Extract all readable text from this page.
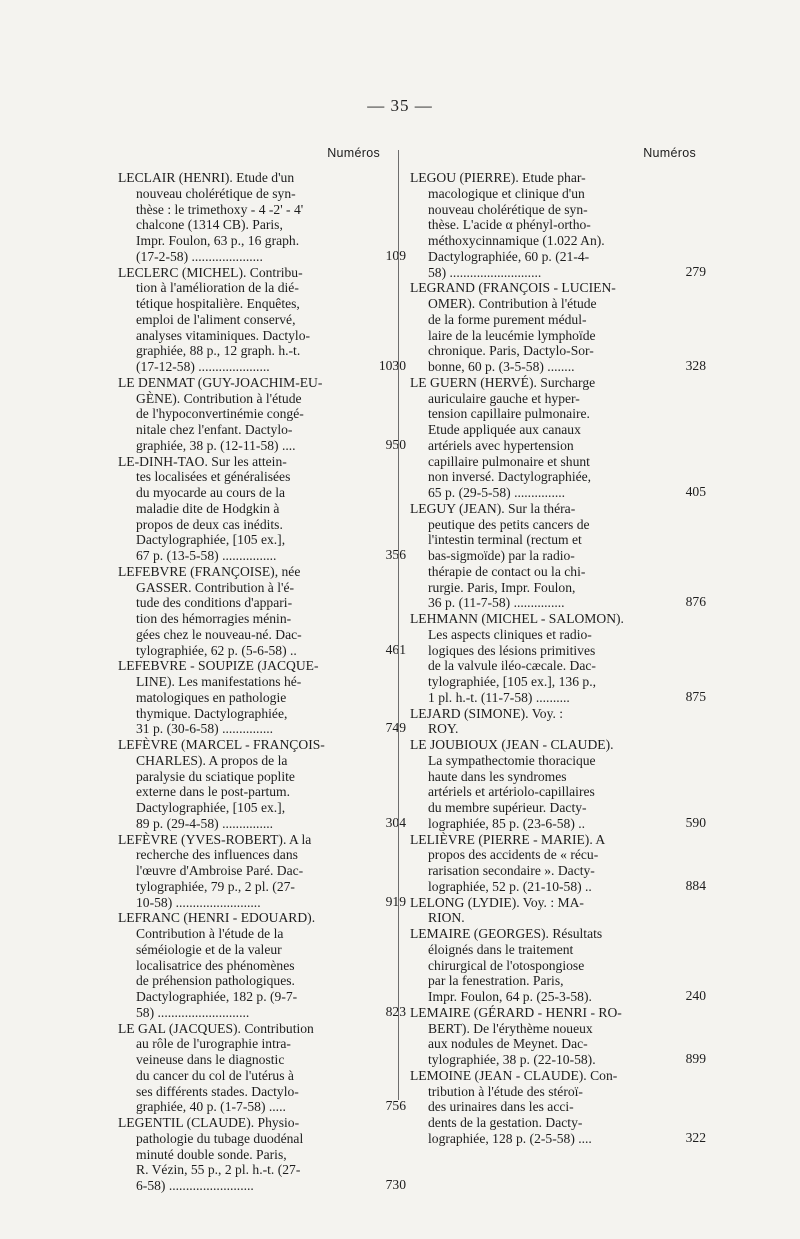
— 35 —
Numéros
LECLAIR (HENRI). Etude d'un
nouveau cholérétique de syn-
thèse : le trimethoxy - 4 -2' - 4'
chalcone (1314 CB). Paris,
Impr. Foulon, 63 p., 16 graph.
(17-2-58) .....................	109
LECLERC (MICHEL). Contribu-
tion à l'amélioration de la dié-
tétique hospitalière. Enquêtes,
emploi de l'aliment conservé,
analyses vitaminiques. Dactylo-
graphiée, 88 p., 12 graph. h.-t.
(17-12-58) .....................	1030
LE DENMAT (GUY-JOACHIM-EU-
GÈNE). Contribution à l'étude
de l'hypoconvertinémie congé-
nitale chez l'enfant. Dactylo-
graphiée, 38 p. (12-11-58) ....	950
LE-DINH-TAO. Sur les attein-
tes localisées et généralisées
du myocarde au cours de la
maladie dite de Hodgkin à
propos de deux cas inédits.
Dactylographiée, [105 ex.],
67 p. (13-5-58) ................	356
LEFEBVRE (FRANÇOISE), née
GASSER. Contribution à l'é-
tude des conditions d'appari-
tion des hémorragies ménin-
gées chez le nouveau-né. Dac-
tylographiée, 62 p. (5-6-58) ..	461
LEFEBVRE - SOUPIZE (JACQUE-
LINE). Les manifestations hé-
matologiques en pathologie
thymique. Dactylographiée,
31 p. (30-6-58) ...............	749
LEFÈVRE (MARCEL - FRANÇOIS-
CHARLES). A propos de la
paralysie du sciatique poplite
externe dans le post-partum.
Dactylographiée, [105 ex.],
89 p. (29-4-58) ...............	304
LEFÈVRE (YVES-ROBERT). A la
recherche des influences dans
l'œuvre d'Ambroise Paré. Dac-
tylographiée, 79 p., 2 pl. (27-
10-58) .........................	919
LEFRANC (HENRI - EDOUARD).
Contribution à l'étude de la
séméiologie et de la valeur
localisatrice des phénomènes
de préhension pathologiques.
Dactylographiée, 182 p. (9-7-
58) ...........................	823
LE GAL (JACQUES). Contribution
au rôle de l'urographie intra-
veineuse dans le diagnostic
du cancer du col de l'utérus à
ses différents stades. Dactylo-
graphiée, 40 p. (1-7-58) .....	756
LEGENTIL (CLAUDE). Physio-
pathologie du tubage duodénal
minuté double sonde. Paris,
R. Vézin, 55 p., 2 pl. h.-t. (27-
6-58) .........................	730
Numéros
LEGOU (PIERRE). Etude phar-
macologique et clinique d'un
nouveau cholérétique de syn-
thèse. L'acide α phényl-ortho-
méthoxycinnamique (1.022 An).
Dactylographiée, 60 p. (21-4-
58) ...........................	279
LEGRAND (FRANÇOIS - LUCIEN-
OMER). Contribution à l'étude
de la forme purement médul-
laire de la leucémie lymphoïde
chronique. Paris, Dactylo-Sor-
bonne, 60 p. (3-5-58) ........	328
LE GUERN (HERVÉ). Surcharge
auriculaire gauche et hyper-
tension capillaire pulmonaire.
Etude appliquée aux canaux
artériels avec hypertension
capillaire pulmonaire et shunt
non inversé. Dactylographiée,
65 p. (29-5-58) ...............	405
LEGUY (JEAN). Sur la théra-
peutique des petits cancers de
l'intestin terminal (rectum et
bas-sigmoïde) par la radio-
thérapie de contact ou la chi-
rurgie. Paris, Impr. Foulon,
36 p. (11-7-58) ...............	876
LEHMANN (MICHEL - SALOMON).
Les aspects cliniques et radio-
logiques des lésions primitives
de la valvule iléo-cæcale. Dac-
tylographiée, [105 ex.], 136 p.,
1 pl. h.-t. (11-7-58) ..........	875
LEJARD (SIMONE). Voy. :
ROY.
LE JOUBIOUX (JEAN - CLAUDE).
La sympathectomie thoracique
haute dans les syndromes
artériels et artériolo-capillaires
du membre supérieur. Dacty-
lographiée, 85 p. (23-6-58) ..	590
LELIÈVRE (PIERRE - MARIE). A
propos des accidents de « récu-
rarisation secondaire ». Dacty-
lographiée, 52 p. (21-10-58) ..	884
LELONG (LYDIE). Voy. : MA-
RION.
LEMAIRE (GEORGES). Résultats
éloignés dans le traitement
chirurgical de l'otospongiose
par la fenestration. Paris,
Impr. Foulon, 64 p. (25-3-58).	240
LEMAIRE (GÉRARD - HENRI - RO-
BERT). De l'érythème noueux
aux nodules de Meynet. Dac-
tylographiée, 38 p. (22-10-58).	899
LEMOINE (JEAN - CLAUDE). Con-
tribution à l'étude des stéroï-
des urinaires dans les acci-
dents de la gestation. Dacty-
lographiée, 128 p. (2-5-58) ....	322
